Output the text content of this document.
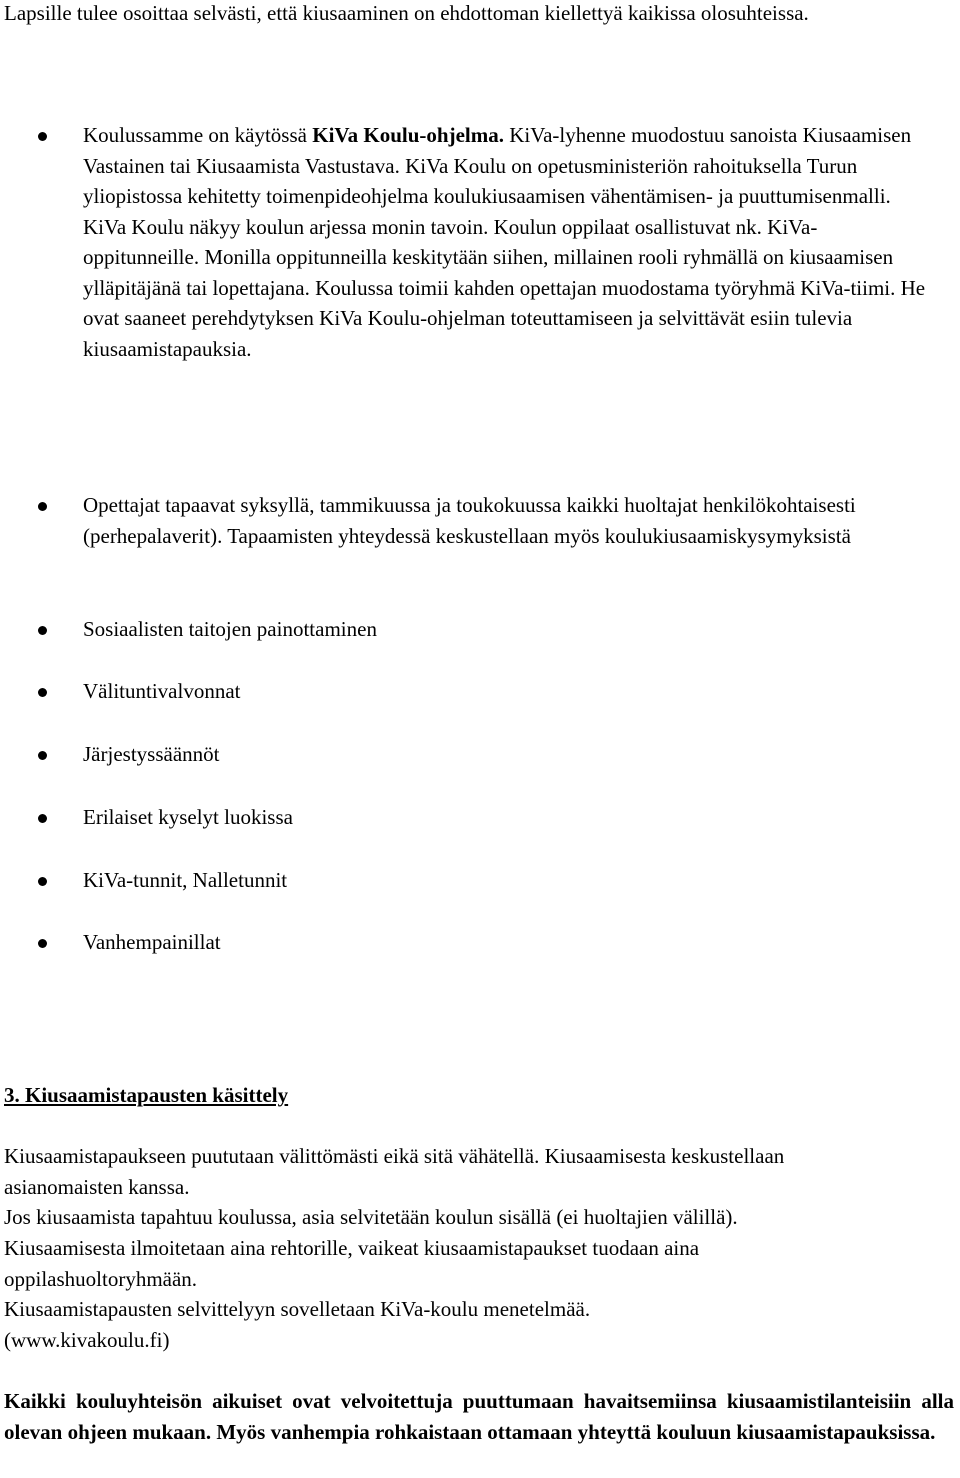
Lapsille tulee osoittaa selvästi, että kiusaaminen on ehdottoman kiellettyä kaikissa olosuhteissa.

Koulussamme on käytössä KiVa Koulu-ohjelma. KiVa-lyhenne muodostuu sanoista Kiusaamisen Vastainen tai Kiusaamista Vastustava. KiVa Koulu on opetusministeriön rahoituksella Turun yliopistossa kehitetty toimenpideohjelma koulukiusaamisen vähentämisen- ja puuttumisenmalli. KiVa Koulu näkyy koulun arjessa monin tavoin. Koulun oppilaat osallistuvat nk. KiVa- oppitunneille. Monilla oppitunneilla keskitytään siihen, millainen rooli ryhmällä on kiusaamisen ylläpitäjänä tai lopettajana. Koulussa toimii kahden opettajan muodostama työryhmä KiVa-tiimi. He ovat saaneet perehdytyksen KiVa Koulu-ohjelman toteuttamiseen ja selvittävät esiin tulevia kiusaamistapauksia.

Opettajat tapaavat syksyllä, tammikuussa ja toukokuussa kaikki huoltajat henkilökohtaisesti (perhepalaverit). Tapaamisten yhteydessä keskustellaan myös koulukiusaamiskysymyksistä

Sosiaalisten taitojen painottaminen

Välituntivalvonnat

Järjestyssäännöt

Erilaiset kyselyt luokissa

KiVa-tunnit, Nalletunnit

Vanhempainillat

3. Kiusaamistapausten käsittely

Kiusaamistapaukseen puututaan välittömästi eikä sitä vähätellä. Kiusaamisesta keskustellaan asianomaisten kanssa.

Jos kiusaamista tapahtuu koulussa, asia selvitetään koulun sisällä (ei huoltajien välillä).

Kiusaamisesta ilmoitetaan aina rehtorille, vaikeat kiusaamistapaukset tuodaan aina oppilashuoltoryhmään.

Kiusaamistapausten selvittelyyn sovelletaan KiVa-koulu menetelmää.

(www.kivakoulu.fi)

Kaikki kouluyhteisön aikuiset ovat velvoitettuja puuttumaan havaitsemiinsa kiusaamistilanteisiin alla olevan ohjeen mukaan. Myös vanhempia rohkaistaan ottamaan yhteyttä kouluun kiusaamistapauksissa.
